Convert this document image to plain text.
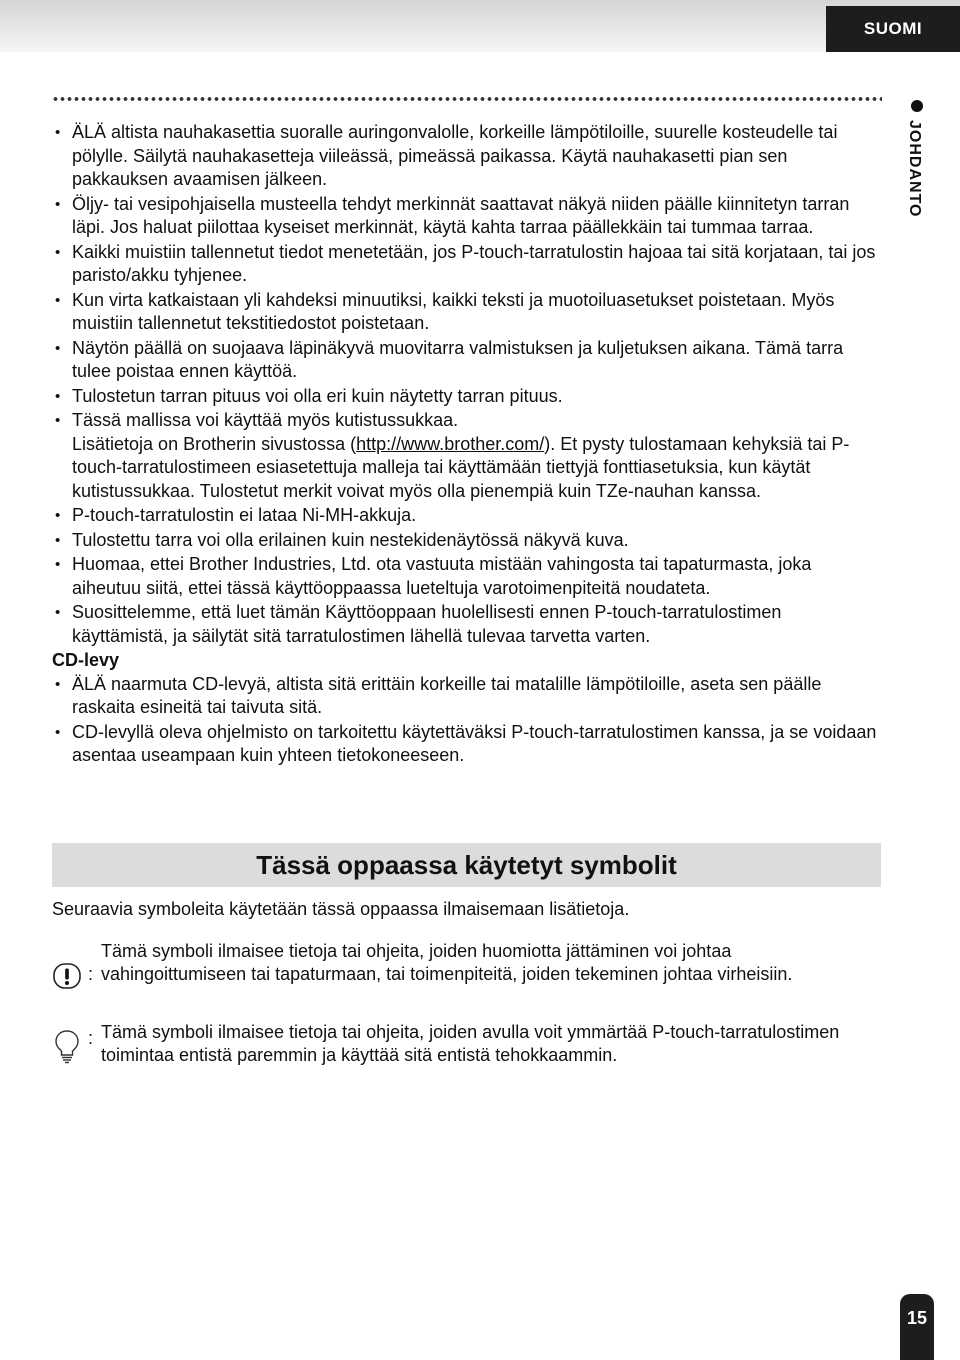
SUOMI
JOHDANTO
• ÄLÄ altista nauhakasettia suoralle auringonvalolle, korkeille lämpötiloille, suurelle kosteudelle tai pölylle. Säilytä nauhakasetteja viileässä, pimeässä paikassa. Käytä nauhakasetti pian sen pakkauksen avaamisen jälkeen.
• Öljy- tai vesipohjaisella musteella tehdyt merkinnät saattavat näkyä niiden päälle kiinnitetyn tarran läpi. Jos haluat piilottaa kyseiset merkinnät, käytä kahta tarraa päällekkäin tai tummaa tarraa.
• Kaikki muistiin tallennetut tiedot menetetään, jos P-touch-tarratulostin hajoaa tai sitä korjataan, tai jos paristo/akku tyhjenee.
• Kun virta katkaistaan yli kahdeksi minuutiksi, kaikki teksti ja muotoiluasetukset poistetaan. Myös muistiin tallennetut tekstitiedostot poistetaan.
• Näytön päällä on suojaava läpinäkyvä muovitarra valmistuksen ja kuljetuksen aikana. Tämä tarra tulee poistaa ennen käyttöä.
• Tulostetun tarran pituus voi olla eri kuin näytetty tarran pituus.
• Tässä mallissa voi käyttää myös kutistussukkaa.
Lisätietoja on Brotherin sivustossa (http://www.brother.com/). Et pysty tulostamaan kehyksiä tai P-touch-tarratulostimeen esiasetettuja malleja tai käyttämään tiettyjä fonttiasetuksia, kun käytät kutistussukkaa. Tulostetut merkit voivat myös olla pienempiä kuin TZe-nauhan kanssa.
• P-touch-tarratulostin ei lataa Ni-MH-akkuja.
• Tulostettu tarra voi olla erilainen kuin nestekidenäytössä näkyvä kuva.
• Huomaa, ettei Brother Industries, Ltd. ota vastuuta mistään vahingosta tai tapaturmasta, joka aiheutuu siitä, ettei tässä käyttöoppaassa lueteltuja varotoimenpiteitä noudateta.
• Suosittelemme, että luet tämän Käyttöoppaan huolellisesti ennen P-touch-tarratulostimen käyttämistä, ja säilytät sitä tarratulostimen lähellä tulevaa tarvetta varten.

CD-levy

• ÄLÄ naarmuta CD-levyä, altista sitä erittäin korkeille tai matalille lämpötiloille, aseta sen päälle raskaita esineitä tai taivuta sitä.
• CD-levyllä oleva ohjelmisto on tarkoitettu käytettäväksi P-touch-tarratulostimen kanssa, ja se voidaan asentaa useampaan kuin yhteen tietokoneeseen.
Tässä oppaassa käytetyt symbolit
Seuraavia symboleita käytetään tässä oppaassa ilmaisemaan lisätietoja.
:
Tämä symboli ilmaisee tietoja tai ohjeita, joiden huomiotta jättäminen voi johtaa vahingoittumiseen tai tapaturmaan, tai toimenpiteitä, joiden tekeminen johtaa virheisiin.
: Tämä symboli ilmaisee tietoja tai ohjeita, joiden avulla voit ymmärtää P-touch-tarratulostimen toimintaa entistä paremmin ja käyttää sitä entistä tehokkaammin.
15
